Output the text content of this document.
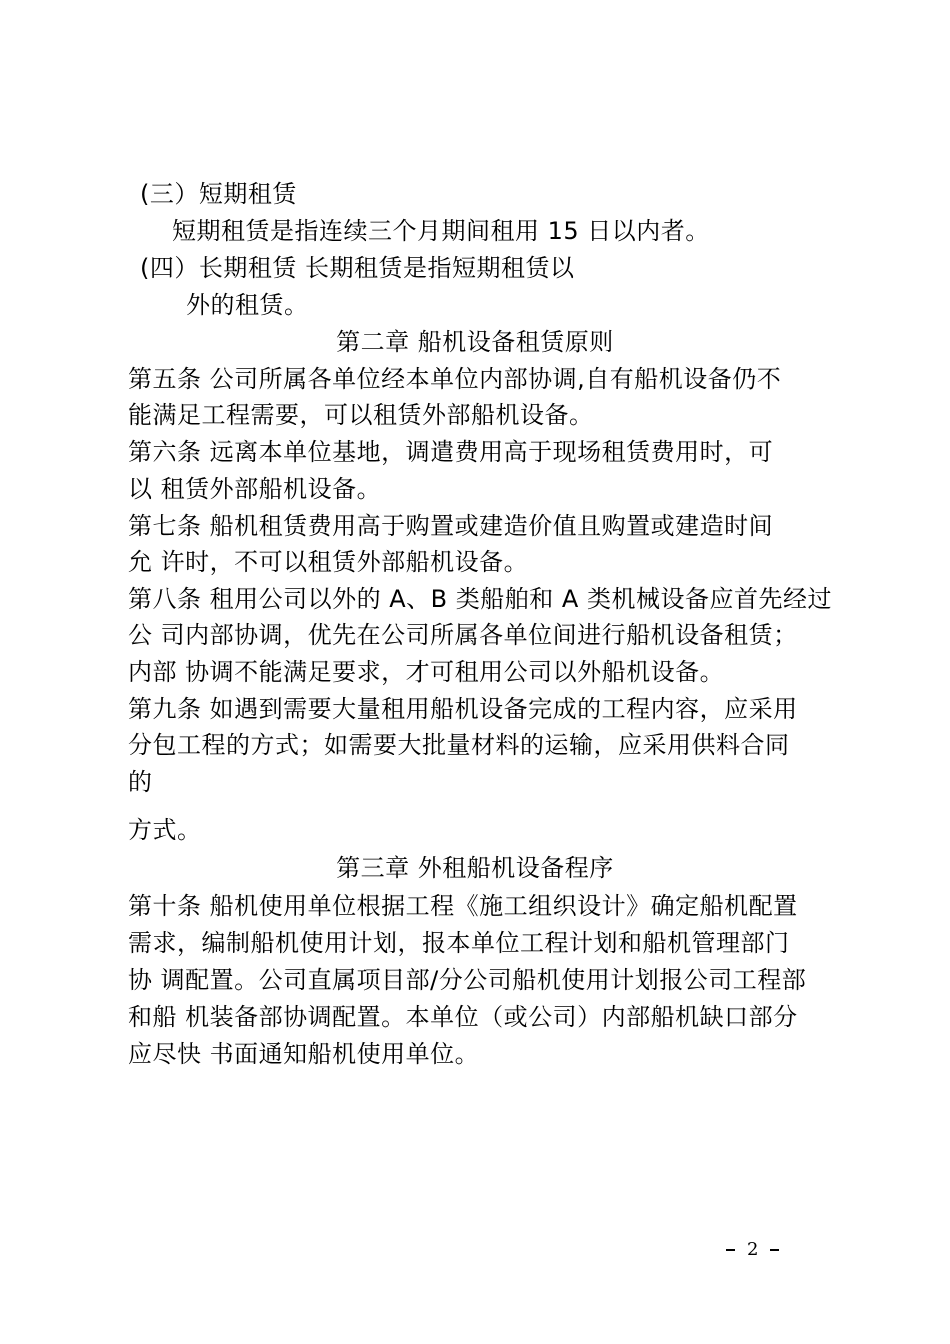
(三）短期租赁
短期租赁是指连续三个月期间租用 15 日以内者。
(四）长期租赁 长期租赁是指短期租赁以
外的租赁。
第二章 船机设备租赁原则
第五条 公司所属各单位经本单位内部协调,自有船机设备仍不
能满足工程需要，可以租赁外部船机设备。
第六条 远离本单位基地，调遣费用高于现场租赁费用时，可
以 租赁外部船机设备。
第七条 船机租赁费用高于购置或建造价值且购置或建造时间
允 许时，不可以租赁外部船机设备。
第八条 租用公司以外的 A、B 类船舶和 A 类机械设备应首先经过
公 司内部协调，优先在公司所属各单位间进行船机设备租赁；
内部 协调不能满足要求，才可租用公司以外船机设备。
第九条 如遇到需要大量租用船机设备完成的工程内容，应采用
分包工程的方式；如需要大批量材料的运输，应采用供料合同
的
方式。
第三章 外租船机设备程序
第十条 船机使用单位根据工程《施工组织设计》确定船机配置
需求，编制船机使用计划，报本单位工程计划和船机管理部门
协 调配置。公司直属项目部/分公司船机使用计划报公司工程部
和船 机装备部协调配置。本单位（或公司）内部船机缺口部分
应尽快 书面通知船机使用单位。
2
